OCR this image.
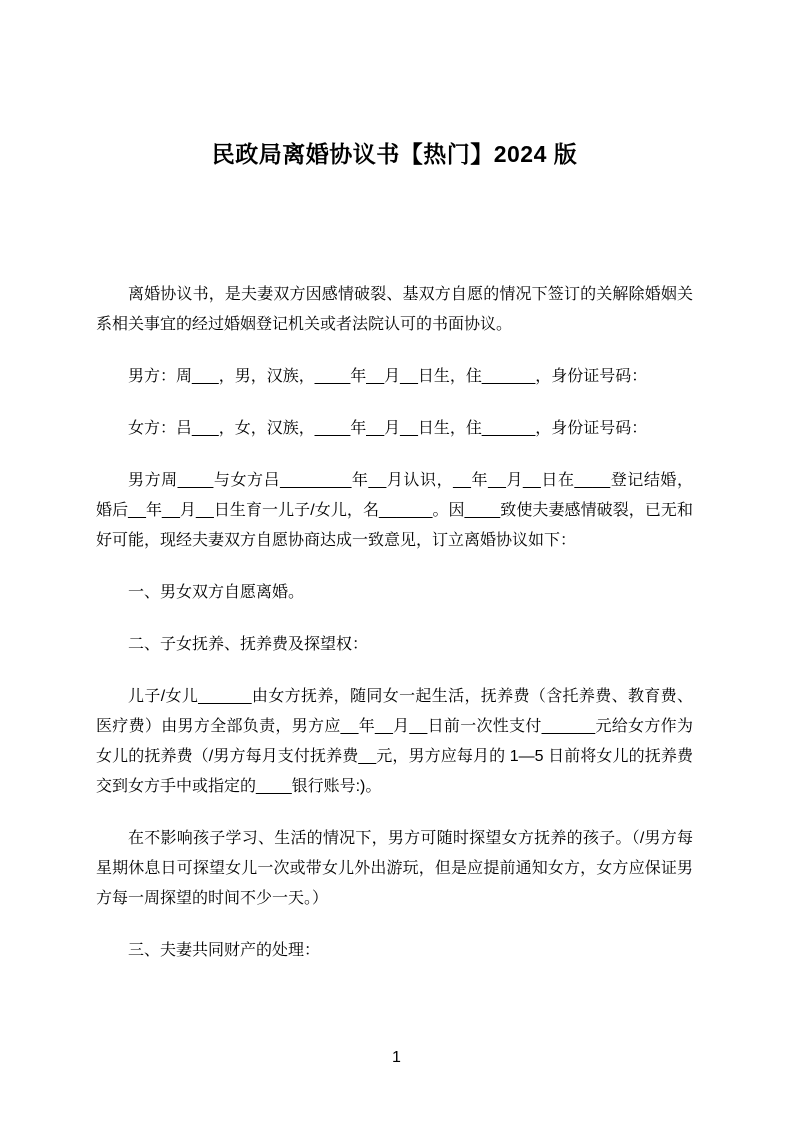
民政局离婚协议书【热门】2024 版

离婚协议书，是夫妻双方因感情破裂、基双方自愿的情况下签订的关解除婚姻关系相关事宜的经过婚姻登记机关或者法院认可的书面协议。

男方：周___，男，汉族，____年__月__日生，住______，身份证号码：

女方：吕___，女，汉族，____年__月__日生，住______，身份证号码：

男方周____与女方吕________年__月认识，__年__月__日在____登记结婚，婚后__年__月__日生育一儿子/女儿，名______。因____致使夫妻感情破裂，已无和好可能，现经夫妻双方自愿协商达成一致意见，订立离婚协议如下：

一、男女双方自愿离婚。

二、子女抚养、抚养费及探望权：

儿子/女儿______由女方抚养，随同女一起生活，抚养费（含托养费、教育费、医疗费）由男方全部负责，男方应__年__月__日前一次性支付______元给女方作为女儿的抚养费（/男方每月支付抚养费__元，男方应每月的 1—5 日前将女儿的抚养费交到女方手中或指定的____银行账号:)。

在不影响孩子学习、生活的情况下，男方可随时探望女方抚养的孩子。（/男方每星期休息日可探望女儿一次或带女儿外出游玩，但是应提前通知女方，女方应保证男方每一周探望的时间不少一天。）

三、夫妻共同财产的处理：

1
